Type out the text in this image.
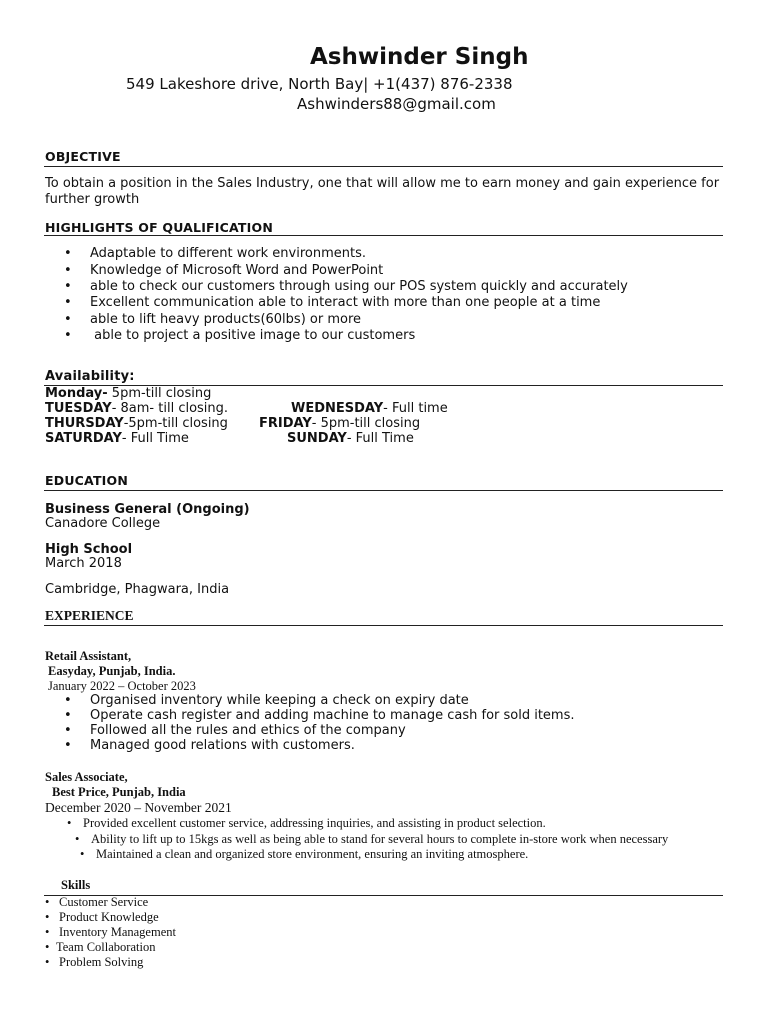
Ashwinder Singh
549 Lakeshore drive, North Bay| +1(437) 876-2338
Ashwinders88@gmail.com
OBJECTIVE
To obtain a position in the Sales Industry, one that will allow me to earn money and gain experience for
further growth
HIGHLIGHTS OF QUALIFICATION
• Adaptable to different work environments.
• Knowledge of Microsoft Word and PowerPoint
• able to check our customers through using our POS system quickly and accurately
• Excellent communication able to interact with more than one people at a time
• able to lift heavy products(60lbs) or more
• able to project a positive image to our customers
Availability:
Monday- 5pm-till closing
TUESDAY- 8am- till closing.	WEDNESDAY- Full time
THURSDAY-5pm-till closing FRIDAY- 5pm-till closing
SATURDAY- Full Time	SUNDAY- Full Time
EDUCATION
Business General (Ongoing)
Canadore College
High School
March 2018
Cambridge, Phagwara, India
EXPERIENCE
Retail Assistant,
Easyday, Punjab, India.
January 2022 – October 2023
• Organised inventory while keeping a check on expiry date
• Operate cash register and adding machine to manage cash for sold items.
• Followed all the rules and ethics of the company
• Managed good relations with customers.
Sales Associate,
Best Price, Punjab, India
December 2020 – November 2021
• Provided excellent customer service, addressing inquiries, and assisting in product selection.
• Ability to lift up to 15kgs as well as being able to stand for several hours to complete in-store work when necessary
• Maintained a clean and organized store environment, ensuring an inviting atmosphere.
Skills
• Customer Service
• Product Knowledge
• Inventory Management
• Team Collaboration
• Problem Solving
